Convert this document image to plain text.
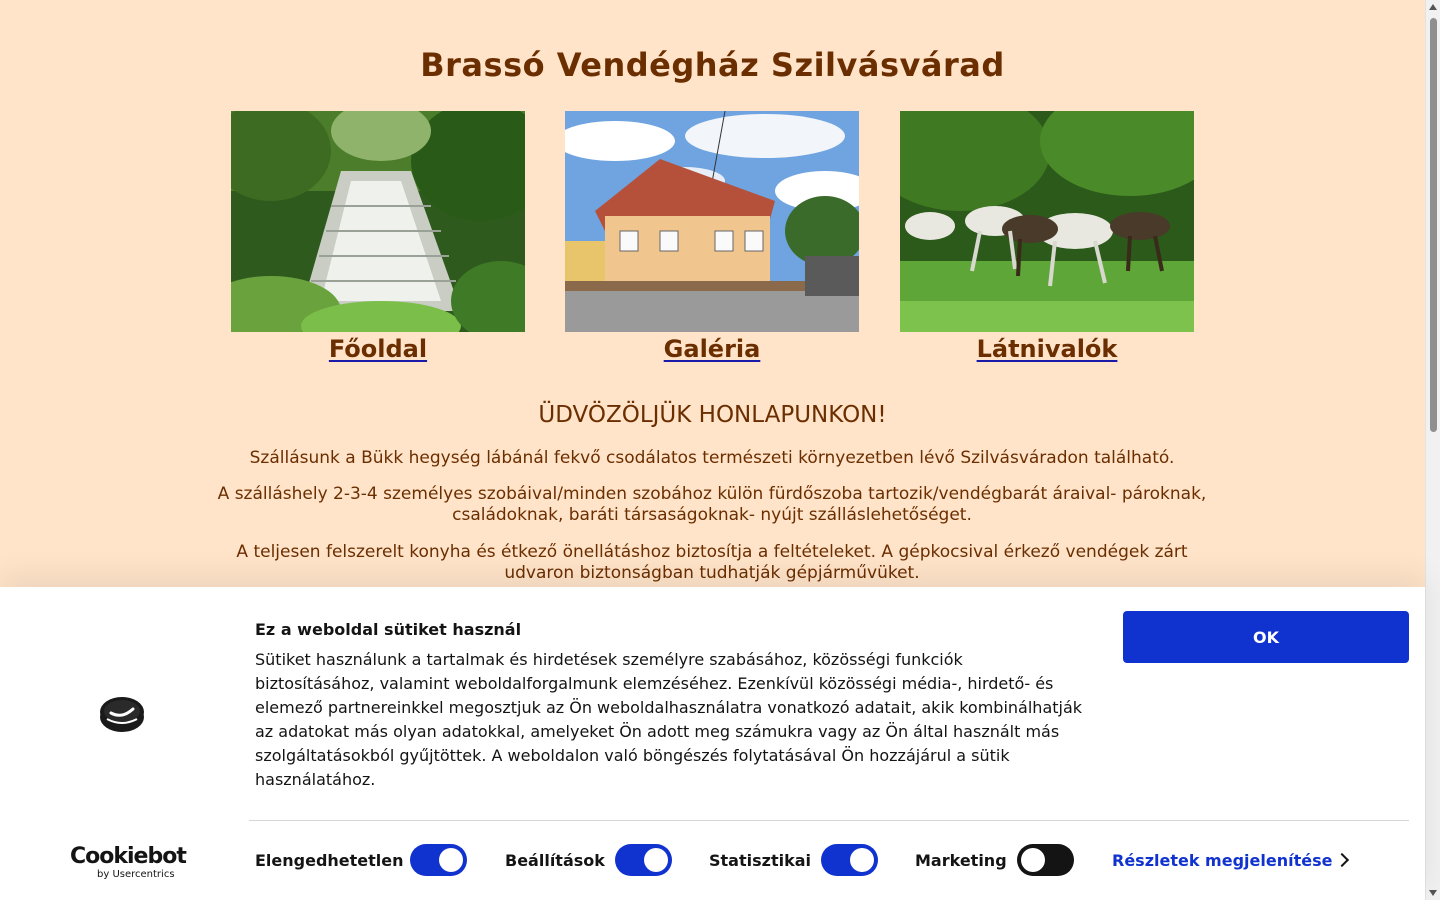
Brassó Vendégház Szilvásvárad
Főoldal	Galéria	Látnivalók
ÜDVÖZÖLJÜK HONLAPUNKON!

Szállásunk a Bükk hegység lábánál fekvő csodálatos természeti környezetben lévő Szilvásváradon található.

A szálláshely 2-3-4 személyes szobáival/minden szobához külön fürdőszoba tartozik/vendégbarát áraival- pároknak, családoknak, baráti társaságoknak- nyújt szálláslehetőséget.

A teljesen felszerelt konyha és étkező önellátáshoz biztosítja a feltételeket. A gépkocsival érkező vendégek zárt udvaron biztonságban tudhatják gépjárművüket.

Ez a weboldal sütiket használ

Sütiket használunk a tartalmak és hirdetések személyre szabásához, közösségi funkciók biztosításához, valamint weboldalforgalmunk elemzéséhez. Ezenkívül közösségi média-, hirdető- és elemező partnereinkkel megosztjuk az Ön weboldalhasználatra vonatkozó adatait, akik kombinálhatják az adatokat más olyan adatokkal, amelyeket Ön adott meg számukra vagy az Ön által használt más szolgáltatásokból gyűjtöttek. A weboldalon való böngészés folytatásával Ön hozzájárul a sütik használatához.

OK
Cookiebot
by Usercentrics
Elengedhetetlen	Beállítások	Statisztikai	Marketing	Részletek megjelenítése
